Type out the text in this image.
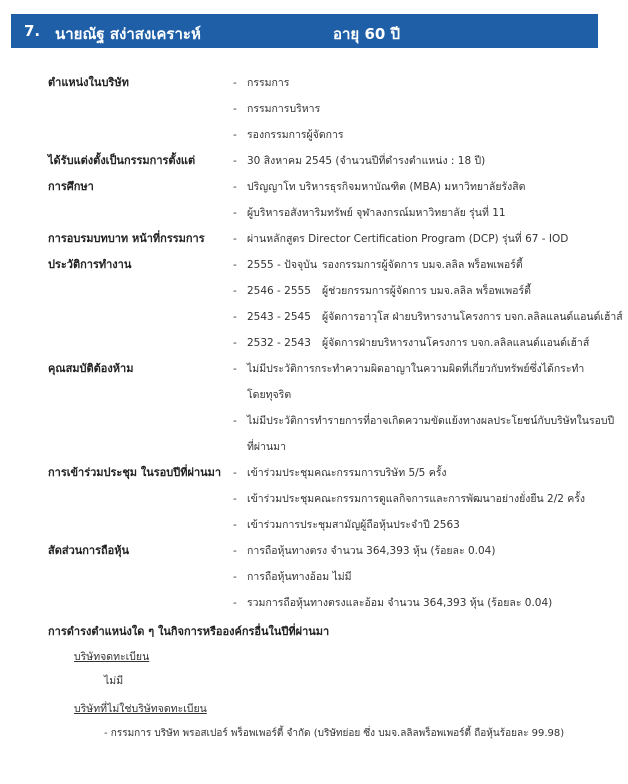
7. นายณัฐ สง่าสงเคราะห์	อายุ 60 ปี
ตำแหน่งในบริษัท	- กรรมการ
- กรรมการบริหาร
- รองกรรมการผู้จัดการ
ได้รับแต่งตั้งเป็นกรรมการตั้งแต่	- 30 สิงหาคม 2545 (จำนวนปีที่ดำรงตำแหน่ง : 18 ปี)
การศึกษา	- ปริญญาโท บริหารธุรกิจมหาบัณฑิต (MBA) มหาวิทยาลัยรังสิต
- ผู้บริหารอสังหาริมทรัพย์ จุฬาลงกรณ์มหาวิทยาลัย รุ่นที่ 11
การอบรมบทบาท หน้าที่กรรมการ	- ผ่านหลักสูตร Director Certification Program (DCP) รุ่นที่ 67 - IOD
ประวัติการทำงาน	- 2555 - ปัจจุบัน รองกรรมการผู้จัดการ บมจ.ลลิล พร็อพเพอร์ตี้
- 2546 - 2555 ผู้ช่วยกรรมการผู้จัดการ บมจ.ลลิล พร็อพเพอร์ตี้
- 2543 - 2545 ผู้จัดการอาวุโส ฝ่ายบริหารงานโครงการ บจก.ลลิลแลนด์แอนด์เฮ้าส์
- 2532 - 2543 ผู้จัดการฝ่ายบริหารงานโครงการ บจก.ลลิลแลนด์แอนด์เฮ้าส์
คุณสมบัติต้องห้าม	- ไม่มีประวัติการกระทำความผิดอาญาในความผิดที่เกี่ยวกับทรัพย์ซึ่งได้กระทำ
โดยทุจริต
- ไม่มีประวัติการทำรายการที่อาจเกิดความขัดแย้งทางผลประโยชน์กับบริษัทในรอบปี
ที่ผ่านมา
การเข้าร่วมประชุม ในรอบปีที่ผ่านมา - เข้าร่วมประชุมคณะกรรมการบริษัท 5/5 ครั้ง
- เข้าร่วมประชุมคณะกรรมการดูแลกิจการและการพัฒนาอย่างยั่งยืน 2/2 ครั้ง
- เข้าร่วมการประชุมสามัญผู้ถือหุ้นประจำปี 2563
สัดส่วนการถือหุ้น	- การถือหุ้นทางตรง จำนวน 364,393 หุ้น (ร้อยละ 0.04)
- การถือหุ้นทางอ้อม ไม่มี
- รวมการถือหุ้นทางตรงและอ้อม จำนวน 364,393 หุ้น (ร้อยละ 0.04)
การดำรงตำแหน่งใด ๆ ในกิจการหรือองค์กรอื่นในปีที่ผ่านมา
บริษัทจดทะเบียน
ไม่มี
บริษัทที่ไม่ใช่บริษัทจดทะเบียน
- กรรมการ บริษัท พรอสเปอร์ พร็อพเพอร์ตี้ จำกัด (บริษัทย่อย ซึ่ง บมจ.ลลิลพร็อพเพอร์ตี้ ถือหุ้นร้อยละ 99.98)
